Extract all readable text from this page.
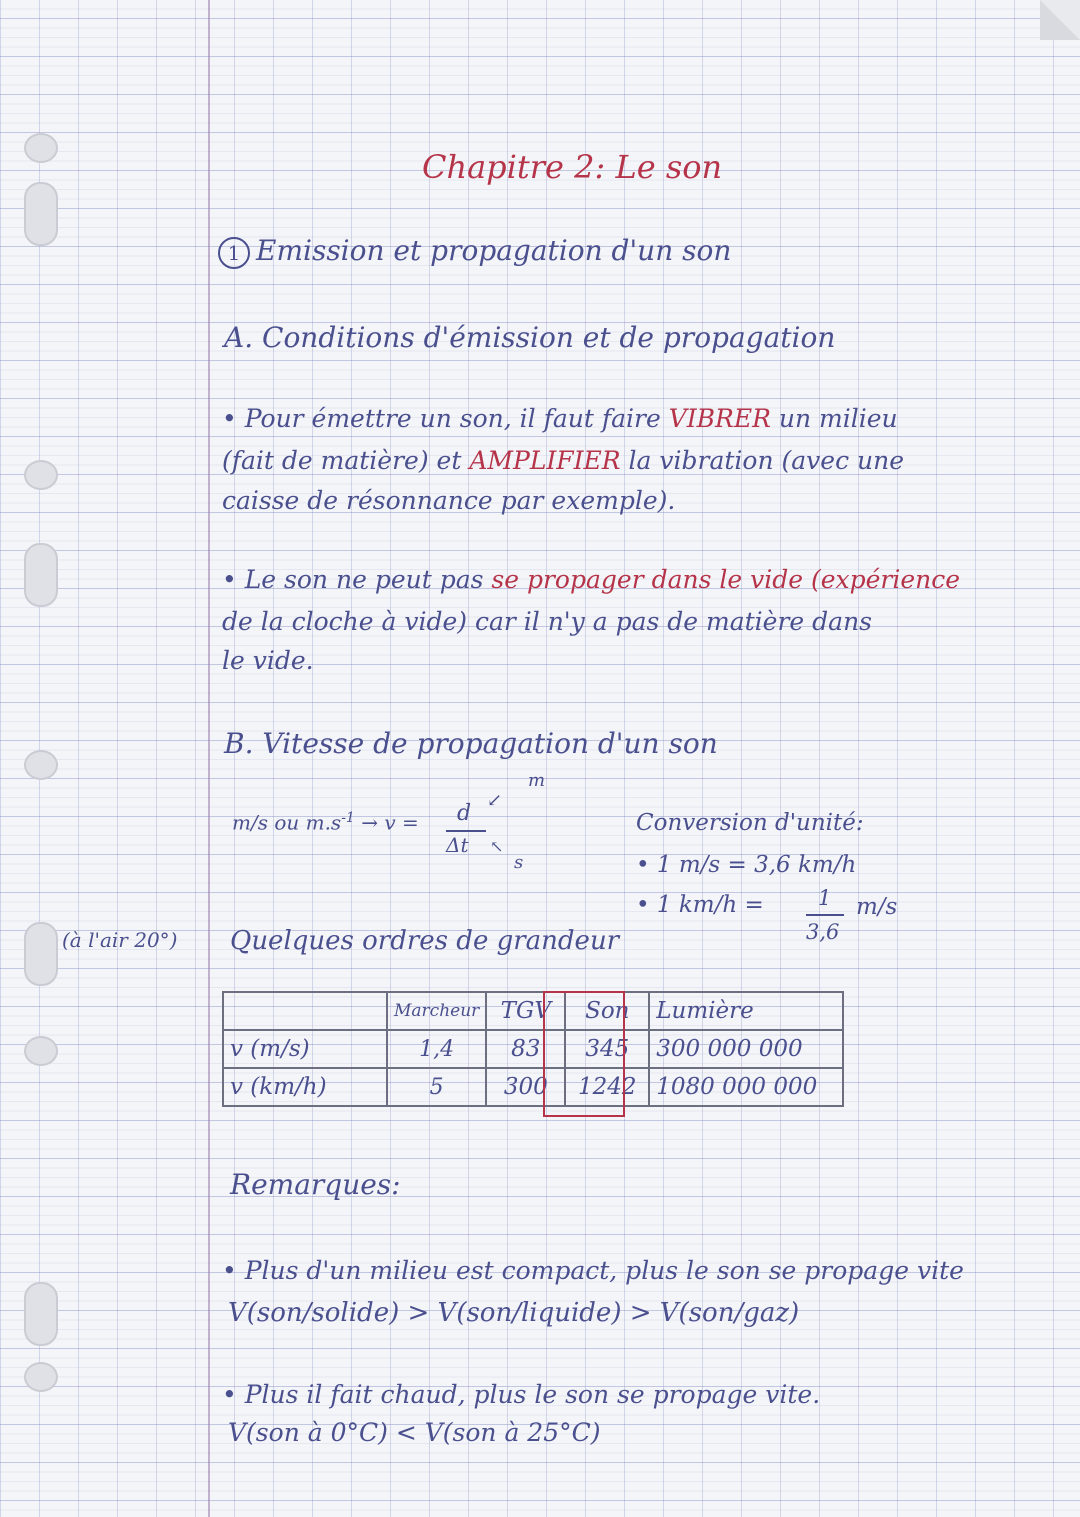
Chapitre 2: Le son
1 Emission et propagation d'un son
A. Conditions d'émission et de propagation
• Pour émettre un son, il faut faire VIBRER un milieu
(fait de matière) et AMPLIFIER la vibration (avec une
caisse de résonnance par exemple).
• Le son ne peut pas se propager dans le vide (expérience
de la cloche à vide) car il n'y a pas de matière dans
le vide.
B. Vitesse de propagation d'un son
m/s ou $m.s^{-1} \to v = d$
Δt
m
↙
↖
s
Conversion d'unité:
• 1 m/s = 3,6 km/h
• 1 km/h =	1
3,6
m/s
(à l'air 20°) Quelques ordres de grandeur
	Marcheur	TGV	Son	Lumière
v (m/s)	1,4	83	345	300 000 000
v (km/h)	5	300	1242	1080 000 000
Remarques:
• Plus d'un milieu est compact, plus le son se propage vite
V(son/solide) > V(son/liquide) > V(son/gaz)
• Plus il fait chaud, plus le son se propage vite.
V(son à 0°C) < V(son à 25°C)
